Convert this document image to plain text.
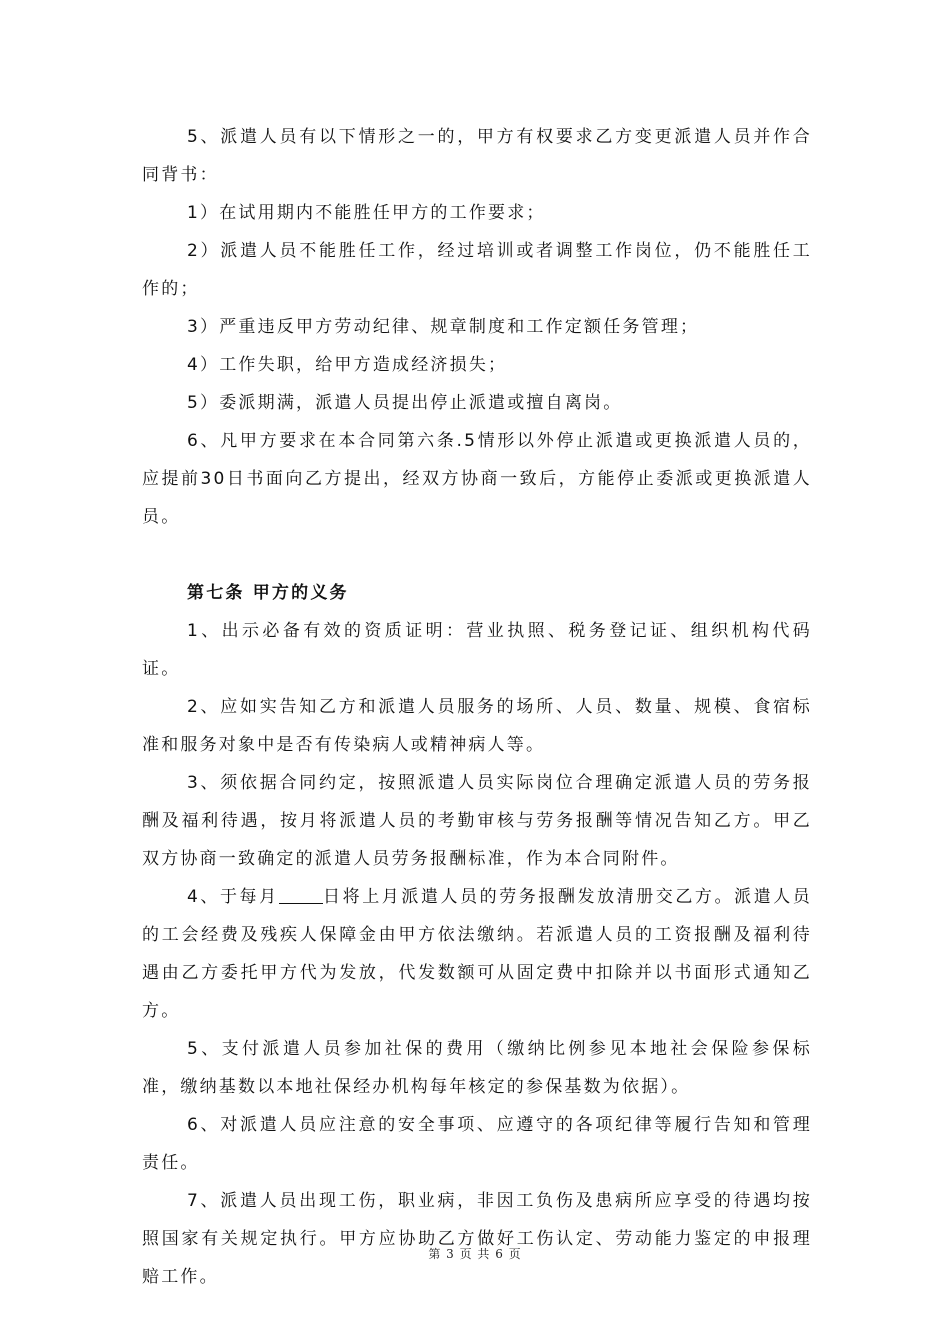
5、派遣人员有以下情形之一的，甲方有权要求乙方变更派遣人员并作合同背书：

1）在试用期内不能胜任甲方的工作要求；

2）派遣人员不能胜任工作，经过培训或者调整工作岗位，仍不能胜任工作的；

3）严重违反甲方劳动纪律、规章制度和工作定额任务管理；

4）工作失职，给甲方造成经济损失；

5）委派期满，派遣人员提出停止派遣或擅自离岗。

6、凡甲方要求在本合同第六条.5情形以外停止派遣或更换派遣人员的，应提前30日书面向乙方提出，经双方协商一致后，方能停止委派或更换派遣人员。

第七条 甲方的义务

1、出示必备有效的资质证明：营业执照、税务登记证、组织机构代码证。

2、应如实告知乙方和派遣人员服务的场所、人员、数量、规模、食宿标准和服务对象中是否有传染病人或精神病人等。

3、须依据合同约定，按照派遣人员实际岗位合理确定派遣人员的劳务报酬及福利待遇，按月将派遣人员的考勤审核与劳务报酬等情况告知乙方。甲乙双方协商一致确定的派遣人员劳务报酬标准，作为本合同附件。

4、于每月	日将上月派遣人员的劳务报酬发放清册交乙方。派遣人员的工会经费及残疾人保障金由甲方依法缴纳。若派遣人员的工资报酬及福利待遇由乙方委托甲方代为发放，代发数额可从固定费中扣除并以书面形式通知乙方。

5、支付派遣人员参加社保的费用（缴纳比例参见本地社会保险参保标准，缴纳基数以本地社保经办机构每年核定的参保基数为依据）。

6、对派遣人员应注意的安全事项、应遵守的各项纪律等履行告知和管理责任。

7、派遣人员出现工伤，职业病，非因工负伤及患病所应享受的待遇均按照国家有关规定执行。甲方应协助乙方做好工伤认定、劳动能力鉴定的申报理赔工作。

第 3 页 共 6 页
